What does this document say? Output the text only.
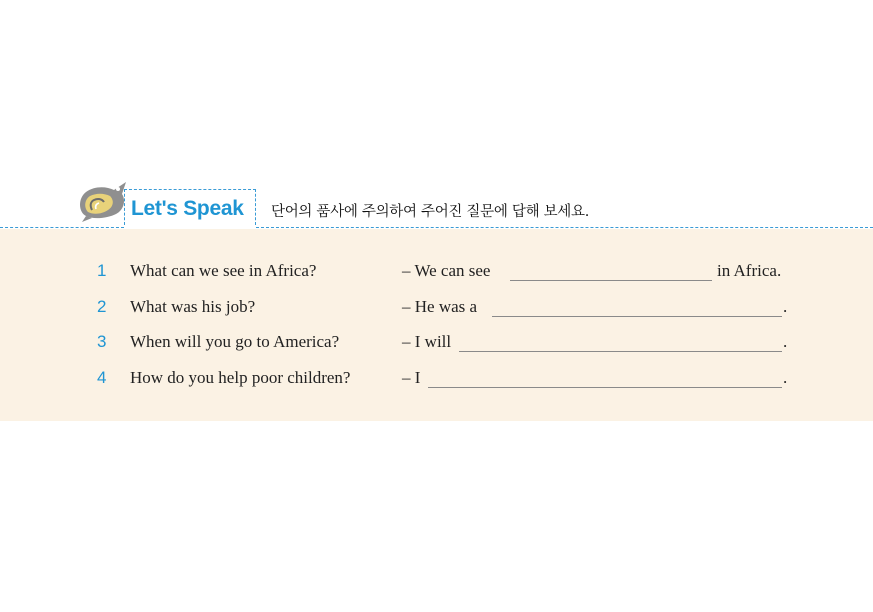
Let's Speak 단어의 품사에 주의하여 주어진 질문에 답해 보세요.
1	What can we see in Africa?	– We can see	in Africa.
2	What was his job?	– He was a	.
3	When will you go to America?	– I will	.
4	How do you help poor children?	– I	.
